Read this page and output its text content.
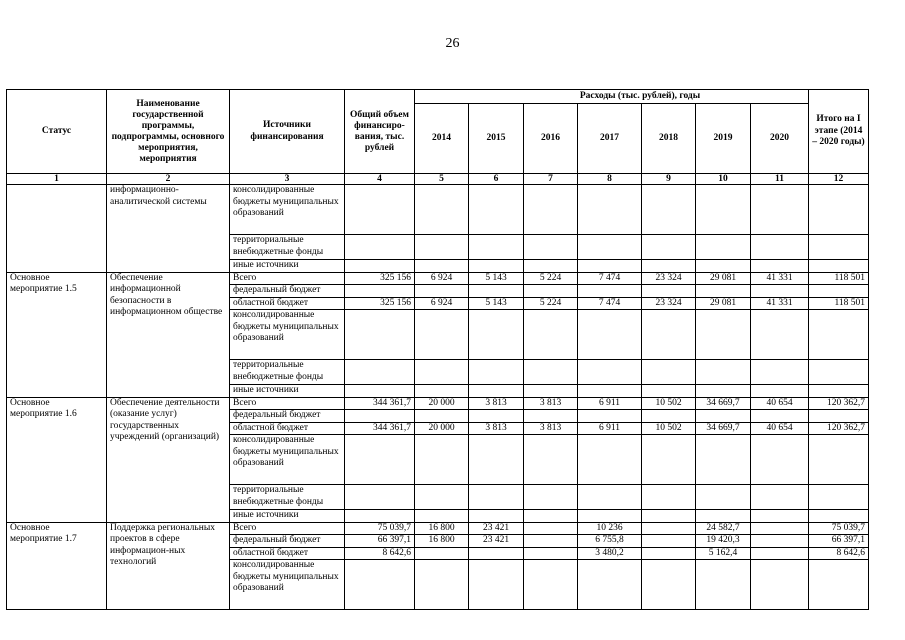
26
Статус	Наименование государственной программы, подпрограммы, основного мероприятия, мероприятия	Источники финансирования	Общий объем финансиро-вания, тыс. рублей	Расходы (тыс. рублей), годы							Итого на I этапе (2014 – 2020 годы)
				2014	2015	2016	2017	2018	2019	2020	
1	2	3	4	5	6	7	8	9	10	11	12
	информационно-аналитической системы	консолидированные бюджеты муниципальных образований									
		территориальные внебюджетные фонды									
		иные источники									
Основное мероприятие 1.5	Обеспечение информационной безопасности в информационном обществе	Всего	325 156	6 924	5 143	5 224	7 474	23 324	29 081	41 331	118 501
		федеральный бюджет									
		областной бюджет	325 156	6 924	5 143	5 224	7 474	23 324	29 081	41 331	118 501
		консолидированные бюджеты муниципальных образований									
		территориальные внебюджетные фонды									
		иные источники									
Основное мероприятие 1.6	Обеспечение деятельности (оказание услуг) государственных учреждений (организаций)	Всего	344 361,7	20 000	3 813	3 813	6 911	10 502	34 669,7	40 654	120 362,7
		федеральный бюджет									
		областной бюджет	344 361,7	20 000	3 813	3 813	6 911	10 502	34 669,7	40 654	120 362,7
		консолидированные бюджеты муниципальных образований									
		территориальные внебюджетные фонды									
		иные источники									
Основное мероприятие 1.7	Поддержка региональных проектов в сфере информацион-ных технологий	Всего	75 039,7	16 800	23 421		10 236		24 582,7		75 039,7
		федеральный бюджет	66 397,1	16 800	23 421		6 755,8		19 420,3		66 397,1
		областной бюджет	8 642,6				3 480,2		5 162,4		8 642,6
		консолидированные бюджеты муниципальных образований									
